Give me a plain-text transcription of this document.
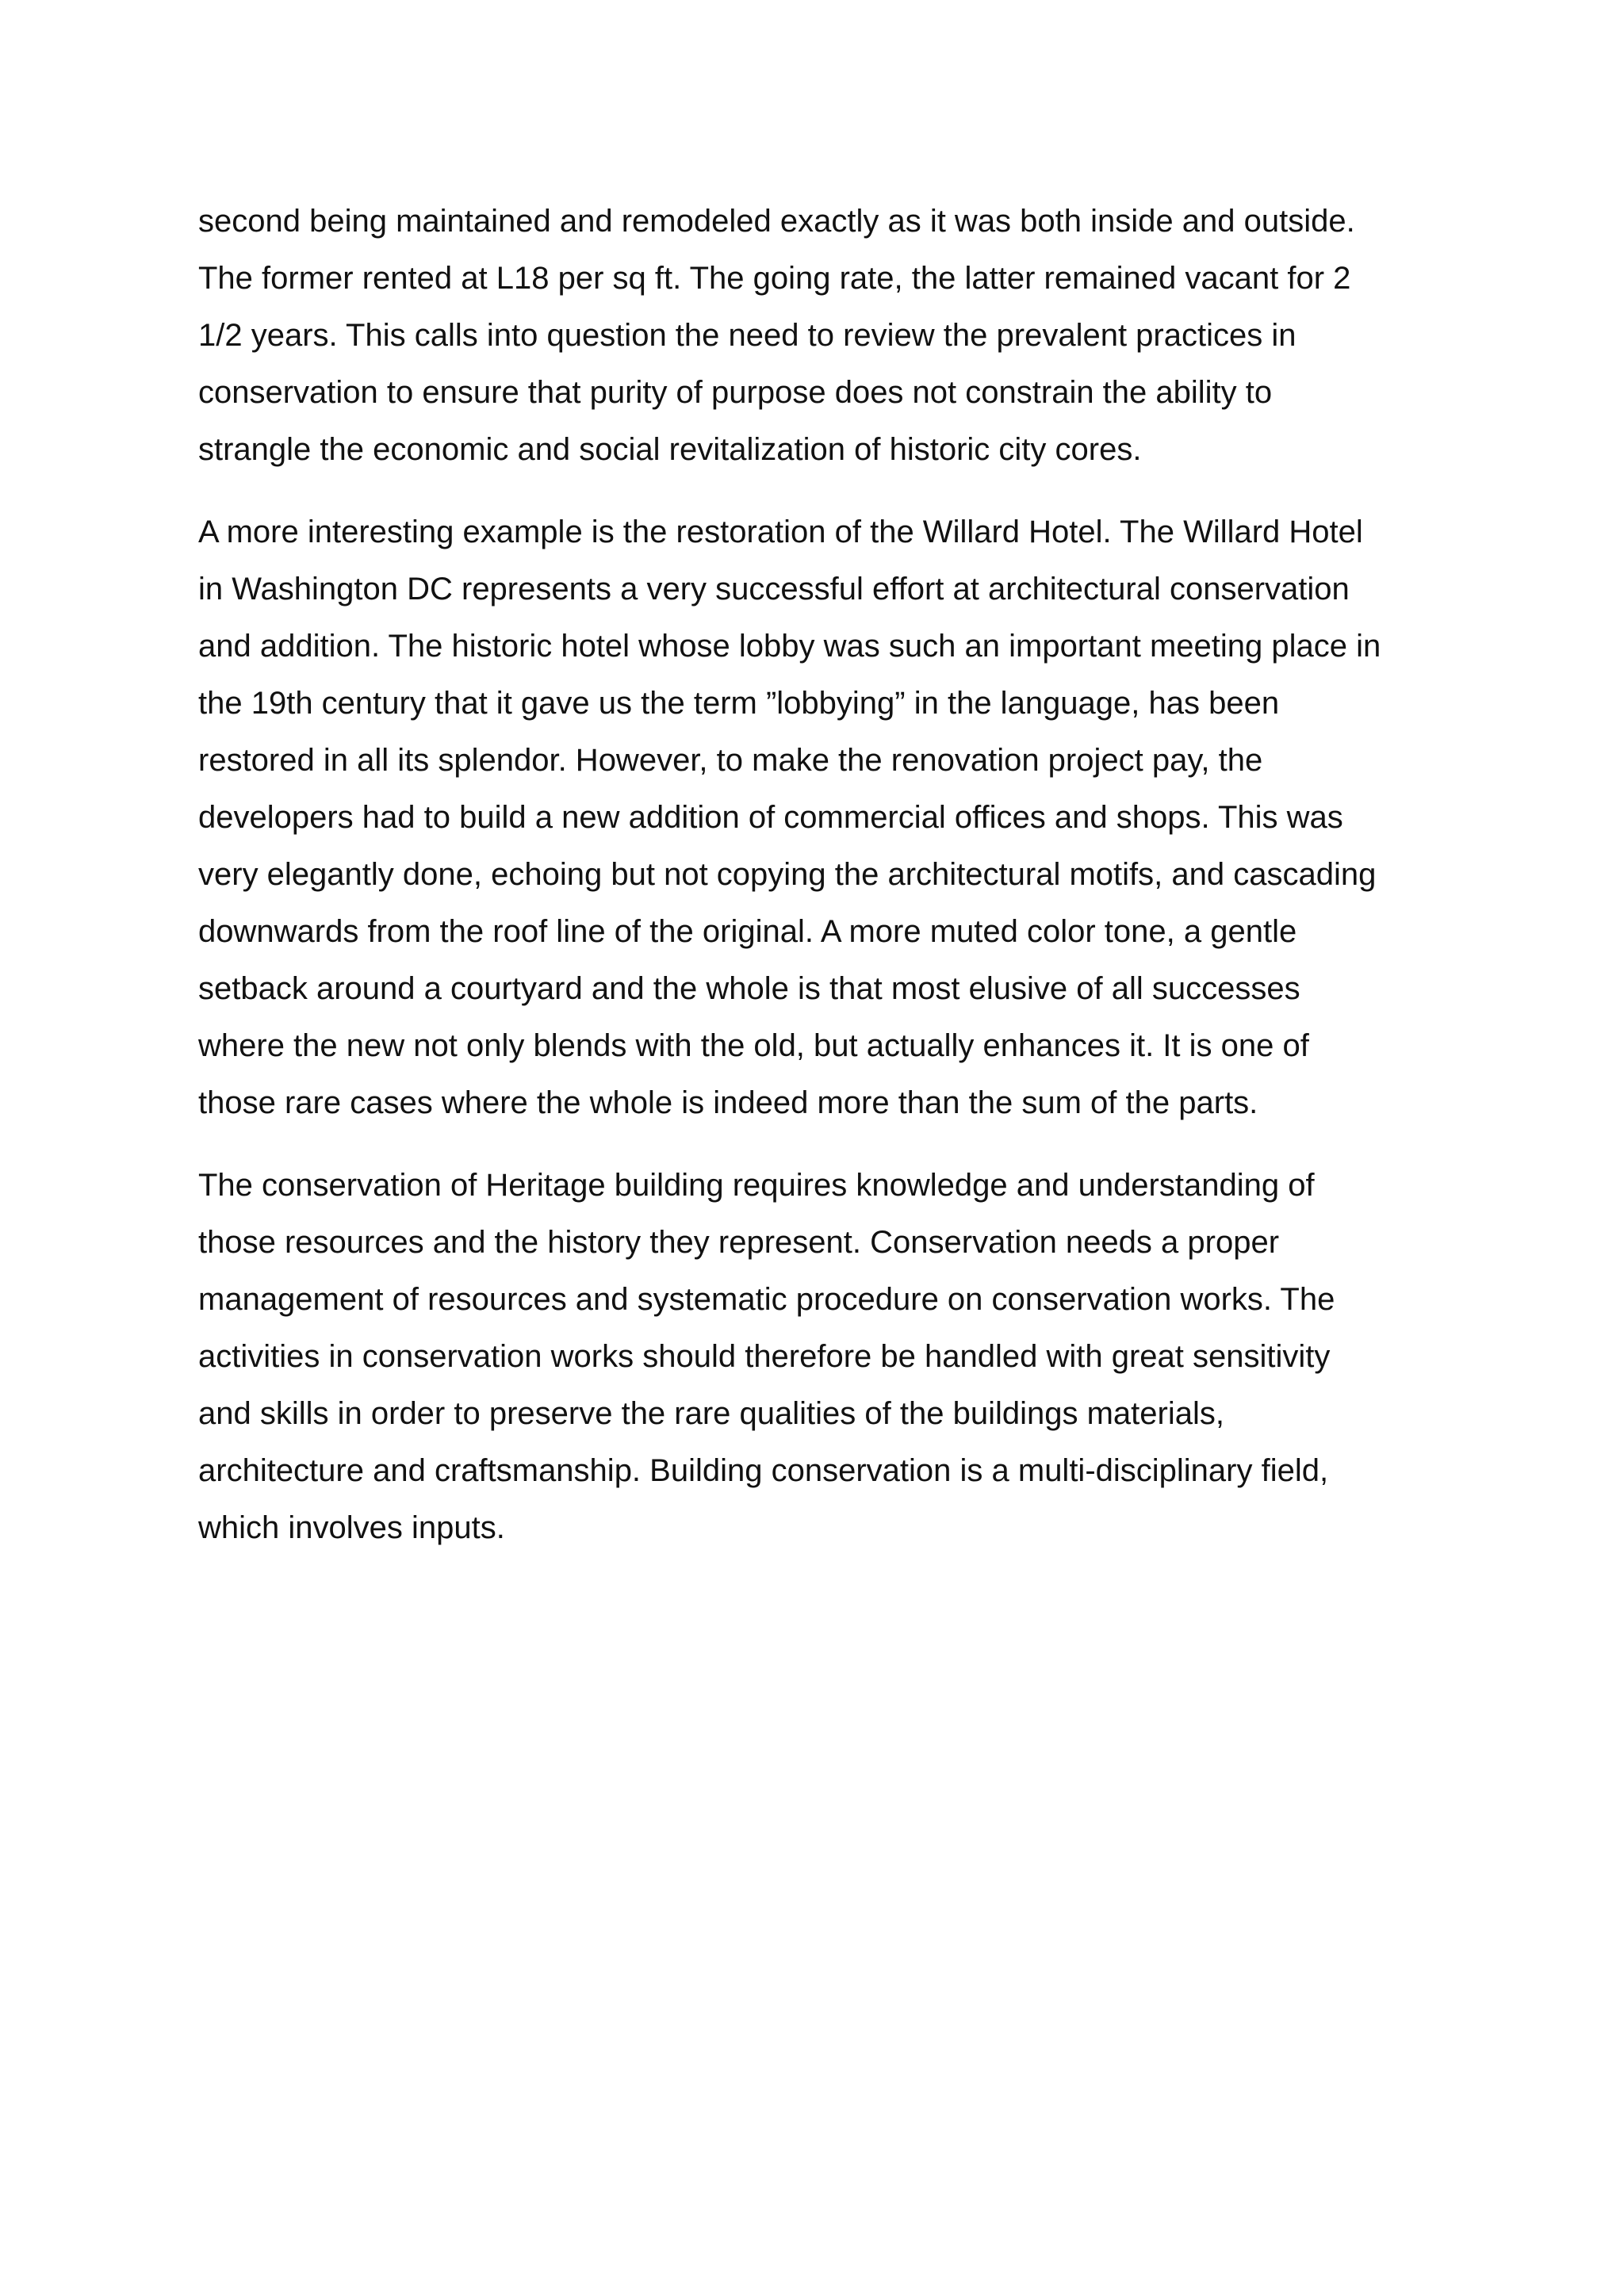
second being maintained and remodeled exactly as it was both inside and outside.
The former rented at L18 per sq ft. The going rate, the latter remained vacant for 2
1/2 years. This calls into question the need to review the prevalent practices in
conservation to ensure that purity of purpose does not constrain the ability to
strangle the economic and social revitalization of historic city cores.

A more interesting example is the restoration of the Willard Hotel. The Willard Hotel
in Washington DC represents a very successful effort at architectural conservation
and addition. The historic hotel whose lobby was such an important meeting place in
the 19th century that it gave us the term ”lobbying” in the language, has been
restored in all its splendor. However, to make the renovation project pay, the
developers had to build a new addition of commercial offices and shops. This was
very elegantly done, echoing but not copying the architectural motifs, and cascading
downwards from the roof line of the original. A more muted color tone, a gentle
setback around a courtyard and the whole is that most elusive of all successes
where the new not only blends with the old, but actually enhances it. It is one of
those rare cases where the whole is indeed more than the sum of the parts.

The conservation of Heritage building requires knowledge and understanding of
those resources and the history they represent. Conservation needs a proper
management of resources and systematic procedure on conservation works. The
activities in conservation works should therefore be handled with great sensitivity
and skills in order to preserve the rare qualities of the buildings materials,
architecture and craftsmanship. Building conservation is a multi-disciplinary field,
which involves inputs.
